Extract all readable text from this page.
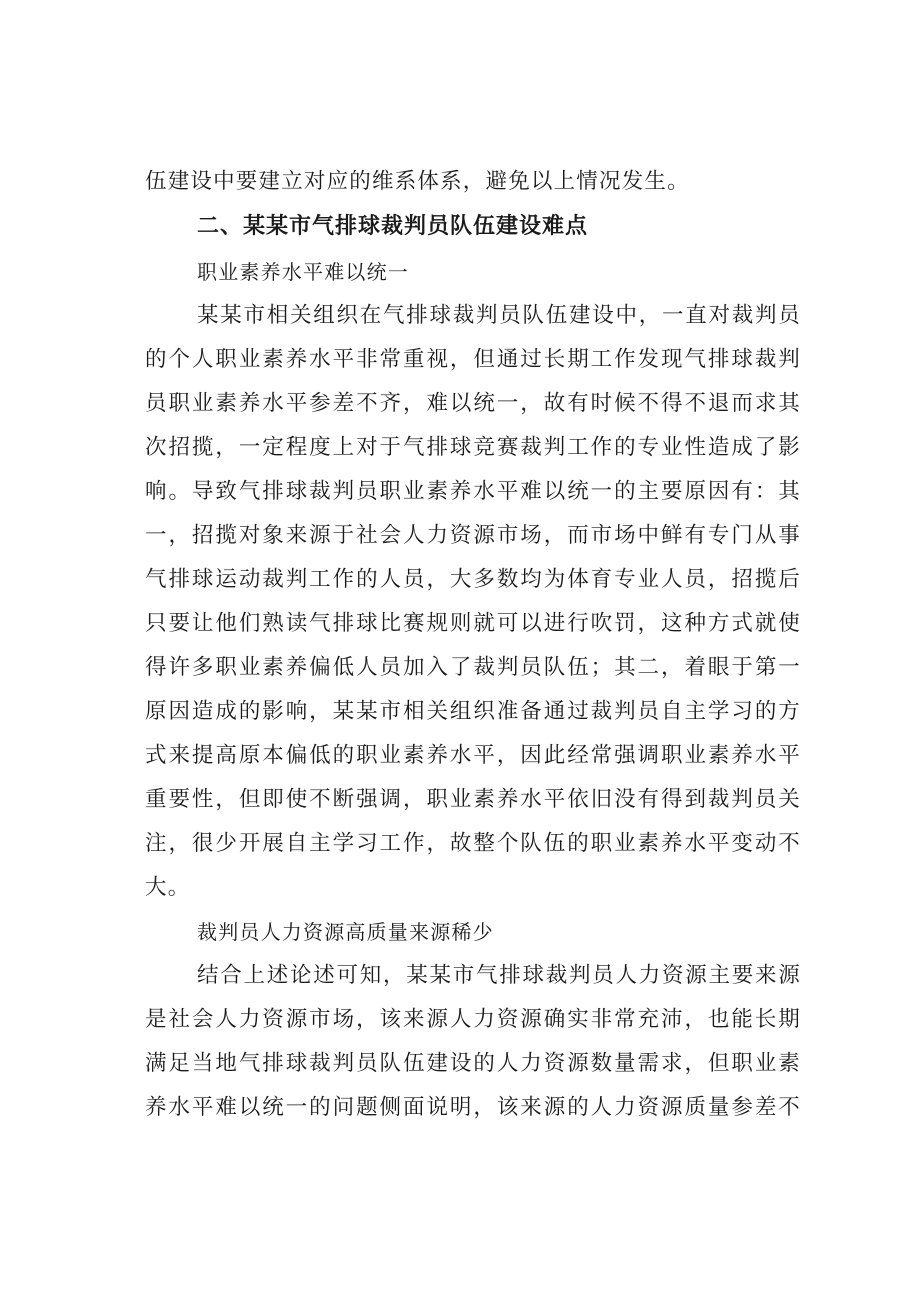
伍建设中要建立对应的维系体系，避免以上情况发生。
二、某某市气排球裁判员队伍建设难点
职业素养水平难以统一
某某市相关组织在气排球裁判员队伍建设中，一直对裁判员
的个人职业素养水平非常重视，但通过长期工作发现气排球裁判
员职业素养水平参差不齐，难以统一，故有时候不得不退而求其
次招揽，一定程度上对于气排球竞赛裁判工作的专业性造成了影
响。导致气排球裁判员职业素养水平难以统一的主要原因有：其
一，招揽对象来源于社会人力资源市场，而市场中鲜有专门从事
气排球运动裁判工作的人员，大多数均为体育专业人员，招揽后
只要让他们熟读气排球比赛规则就可以进行吹罚，这种方式就使
得许多职业素养偏低人员加入了裁判员队伍；其二，着眼于第一
原因造成的影响，某某市相关组织准备通过裁判员自主学习的方
式来提高原本偏低的职业素养水平，因此经常强调职业素养水平
重要性，但即使不断强调，职业素养水平依旧没有得到裁判员关
注，很少开展自主学习工作，故整个队伍的职业素养水平变动不
大。
裁判员人力资源高质量来源稀少
结合上述论述可知，某某市气排球裁判员人力资源主要来源
是社会人力资源市场，该来源人力资源确实非常充沛，也能长期
满足当地气排球裁判员队伍建设的人力资源数量需求，但职业素
养水平难以统一的问题侧面说明，该来源的人力资源质量参差不
